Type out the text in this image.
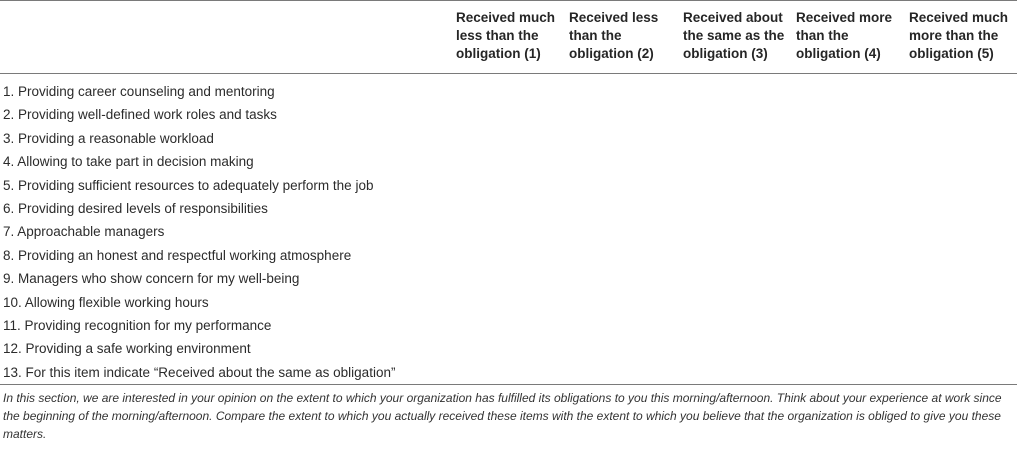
	Received much less than the obligation (1)	Received less than the obligation (2)	Received about the same as the obligation (3)	Received more than the obligation (4)	Received much more than the obligation (5)
1. Providing career counseling and mentoring					
2. Providing well-defined work roles and tasks					
3. Providing a reasonable workload					
4. Allowing to take part in decision making					
5. Providing sufficient resources to adequately perform the job					
6. Providing desired levels of responsibilities					
7. Approachable managers					
8. Providing an honest and respectful working atmosphere					
9. Managers who show concern for my well-being					
10. Allowing flexible working hours					
11. Providing recognition for my performance					
12. Providing a safe working environment					
13. For this item indicate “Received about the same as obligation”					
In this section, we are interested in your opinion on the extent to which your organization has fulfilled its obligations to you this morning/afternoon. Think about your experience at work since the beginning of the morning/afternoon. Compare the extent to which you actually received these items with the extent to which you believe that the organization is obliged to give you these matters.					
